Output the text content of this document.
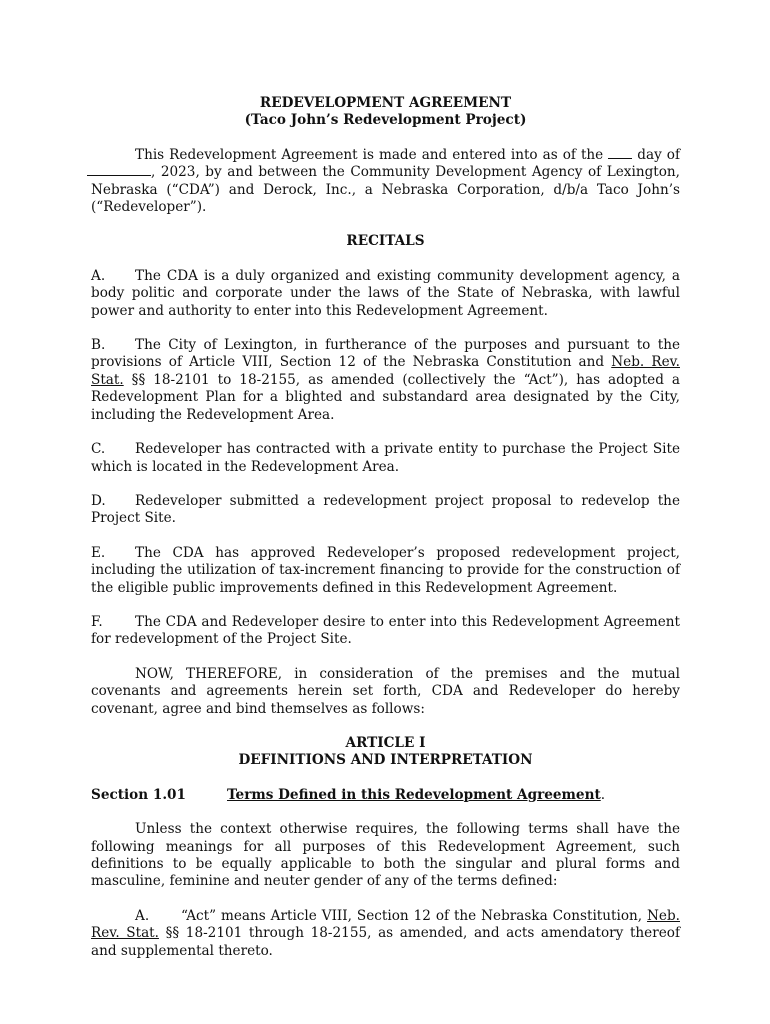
REDEVELOPMENT AGREEMENT
(Taco John’s Redevelopment Project)

This Redevelopment Agreement is made and entered into as of the	day of , 2023, by and between the Community Development Agency of Lexington, Nebraska (“CDA”) and Derock, Inc., a Nebraska Corporation, d/b/a Taco John’s (“Redeveloper”).

RECITALS

A. The CDA is a duly organized and existing community development agency, a body politic and corporate under the laws of the State of Nebraska, with lawful power and authority to enter into this Redevelopment Agreement.

B. The City of Lexington, in furtherance of the purposes and pursuant to the provisions of Article VIII, Section 12 of the Nebraska Constitution and Neb. Rev. Stat. §§ 18-2101 to 18-2155, as amended (collectively the “Act”), has adopted a Redevelopment Plan for a blighted and substandard area designated by the City, including the Redevelopment Area.

C. Redeveloper has contracted with a private entity to purchase the Project Site which is located in the Redevelopment Area.

D. Redeveloper submitted a redevelopment project proposal to redevelop the Project Site.

E. The CDA has approved Redeveloper’s proposed redevelopment project, including the utilization of tax-increment financing to provide for the construction of the eligible public improvements defined in this Redevelopment Agreement.

F. The CDA and Redeveloper desire to enter into this Redevelopment Agreement for redevelopment of the Project Site.

NOW, THEREFORE, in consideration of the premises and the mutual covenants and agreements herein set forth, CDA and Redeveloper do hereby covenant, agree and bind themselves as follows:

ARTICLE I
DEFINITIONS AND INTERPRETATION
Section 1.01	Terms Defined in this Redevelopment Agreement.

Unless the context otherwise requires, the following terms shall have the following meanings for all purposes of this Redevelopment Agreement, such definitions to be equally applicable to both the singular and plural forms and masculine, feminine and neuter gender of any of the terms defined:

A. “Act” means Article VIII, Section 12 of the Nebraska Constitution, Neb. Rev. Stat. §§ 18-2101 through 18-2155, as amended, and acts amendatory thereof and supplemental thereto.
